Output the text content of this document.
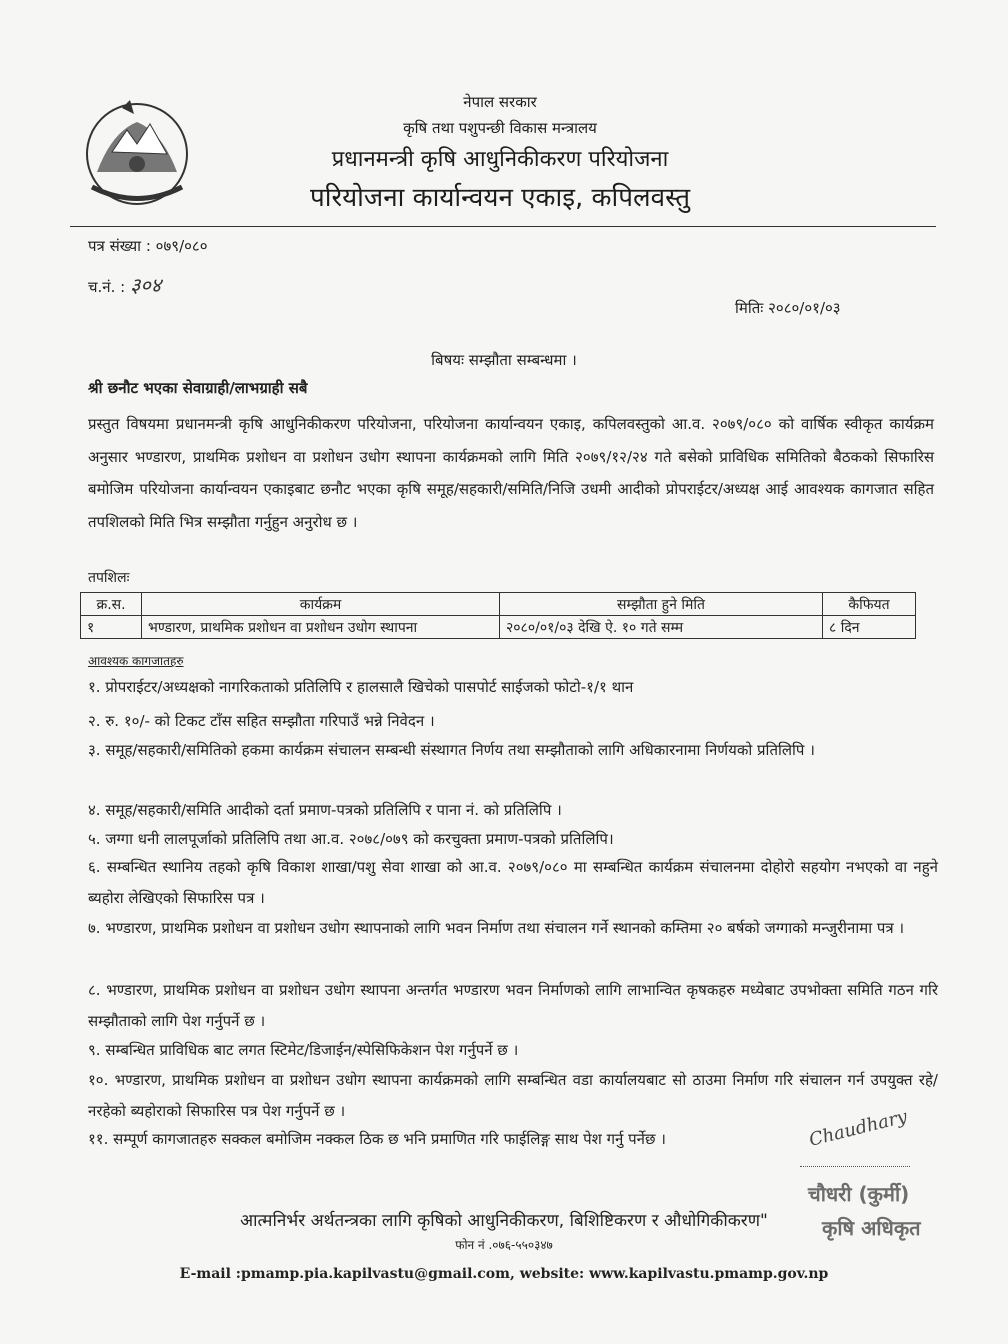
नेपाल सरकार
कृषि तथा पशुपन्छी विकास मन्त्रालय
प्रधानमन्त्री कृषि आधुनिकीकरण परियोजना
परियोजना कार्यान्वयन एकाइ, कपिलवस्तु
पत्र संख्या : ०७९/०८०
च.नं. : ३०४
मितिः २०८०/०१/०३
बिषयः सम्झौता सम्बन्धमा ।
श्री छनौट भएका सेवाग्राही/लाभग्राही सबै
प्रस्तुत विषयमा प्रधानमन्त्री कृषि आधुनिकीकरण परियोजना, परियोजना कार्यान्वयन एकाइ, कपिलवस्तुको आ.व. २०७९/०८० को वार्षिक स्वीकृत कार्यक्रम अनुसार भण्डारण, प्राथमिक प्रशोधन वा प्रशोधन उधोग स्थापना कार्यक्रमको लागि मिति २०७९/१२/२४ गते बसेको प्राविधिक समितिको बैठकको सिफारिस बमोजिम परियोजना कार्यान्वयन एकाइबाट छनौट भएका कृषि समूह/सहकारी/समिति/निजि उधमी आदीको प्रोपराईटर/अध्यक्ष आई आवश्यक कागजात सहित तपशिलको मिति भित्र सम्झौता गर्नुहुन अनुरोध छ ।
तपशिलः
क्र.स.	कार्यक्रम	सम्झौता हुने मिति	कैफियत
१	भण्डारण, प्राथमिक प्रशोधन वा प्रशोधन उधोग स्थापना	२०८०/०१/०३ देखि ऐ. १० गते सम्म	८ दिन
आवश्यक कागजातहरु
१. प्रोपराईटर/अध्यक्षको नागरिकताको प्रतिलिपि र हालसालै खिचेको पासपोर्ट साईजको फोटो-१/१ थान
२. रु. १०/- को टिकट टाँस सहित सम्झौता गरिपाउँ भन्ने निवेदन ।
३. समूह/सहकारी/समितिको हकमा कार्यक्रम संचालन सम्बन्धी संस्थागत निर्णय तथा सम्झौताको लागि अधिकारनामा निर्णयको प्रतिलिपि ।
४. समूह/सहकारी/समिति आदीको दर्ता प्रमाण-पत्रको प्रतिलिपि र पाना नं. को प्रतिलिपि ।
५. जग्गा धनी लालपूर्जाको प्रतिलिपि तथा आ.व. २०७८/०७९ को करचुक्ता प्रमाण-पत्रको प्रतिलिपि।
६. सम्बन्धित स्थानिय तहको कृषि विकाश शाखा/पशु सेवा शाखा को आ.व. २०७९/०८० मा सम्बन्धित कार्यक्रम संचालनमा दोहोरो सहयोग नभएको वा नहुने ब्यहोरा लेखिएको सिफारिस पत्र ।
७. भण्डारण, प्राथमिक प्रशोधन वा प्रशोधन उधोग स्थापनाको लागि भवन निर्माण तथा संचालन गर्ने स्थानको कम्तिमा २० बर्षको जग्गाको मन्जुरीनामा पत्र ।
८. भण्डारण, प्राथमिक प्रशोधन वा प्रशोधन उधोग स्थापना अन्तर्गत भण्डारण भवन निर्माणको लागि लाभान्वित कृषकहरु मध्येबाट उपभोक्ता समिति गठन गरि सम्झौताको लागि पेश गर्नुपर्ने छ ।
९. सम्बन्धित प्राविधिक बाट लगत स्टिमेट/डिजाईन/स्पेसिफिकेशन पेश गर्नुपर्ने छ ।
१०. भण्डारण, प्राथमिक प्रशोधन वा प्रशोधन उधोग स्थापना कार्यक्रमको लागि सम्बन्धित वडा कार्यालयबाट सो ठाउमा निर्माण गरि संचालन गर्न उपयुक्त रहे/नरहेको ब्यहोराको सिफारिस पत्र पेश गर्नुपर्ने छ ।
११. सम्पूर्ण कागजातहरु सक्कल बमोजिम नक्कल ठिक छ भनि प्रमाणित गरि फाईलिङ्ग साथ पेश गर्नु पर्नेछ ।	Chaudhary
चौधरी (कुर्मी)
कृषि अधिकृत
आत्मनिर्भर अर्थतन्त्रका लागि कृषिको आधुनिकीकरण, बिशिष्टिकरण र औधोगिकीकरण"
फोन नं .०७६-५५०३४७
E-mail :pmamp.pia.kapilvastu@gmail.com, website: www.kapilvastu.pmamp.gov.np
